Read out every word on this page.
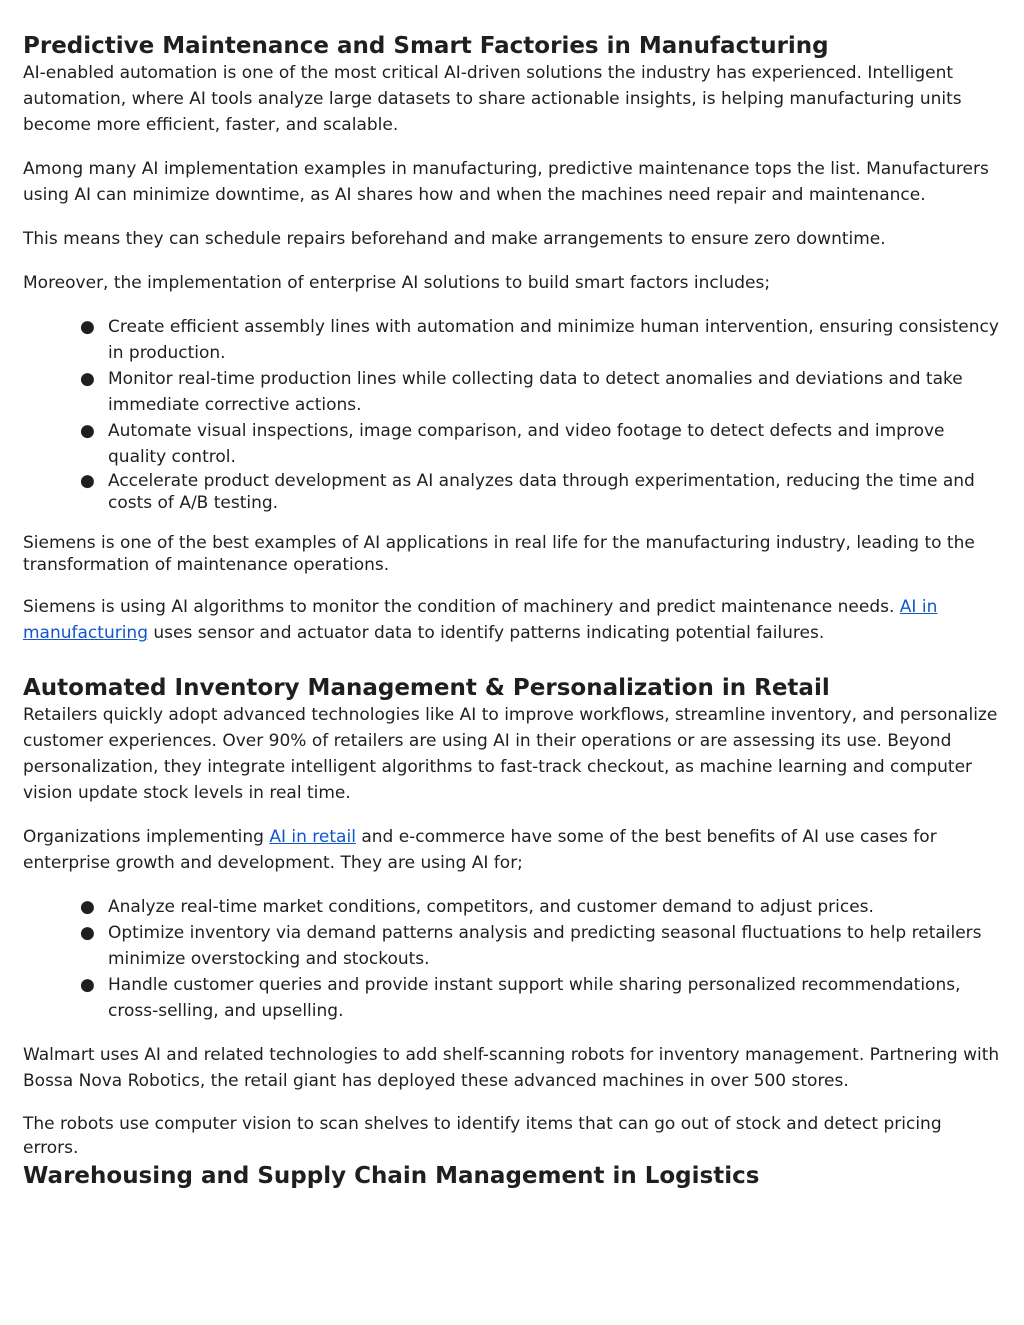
Predictive Maintenance and Smart Factories in Manufacturing

AI-enabled automation is one of the most critical AI-driven solutions the industry has experienced. Intelligent automation, where AI tools analyze large datasets to share actionable insights, is helping manufacturing units become more efficient, faster, and scalable.

Among many AI implementation examples in manufacturing, predictive maintenance tops the list. Manufacturers using AI can minimize downtime, as AI shares how and when the machines need repair and maintenance.

This means they can schedule repairs beforehand and make arrangements to ensure zero downtime.

Moreover, the implementation of enterprise AI solutions to build smart factors includes;

● Create efficient assembly lines with automation and minimize human intervention, ensuring consistency in production.
● Monitor real-time production lines while collecting data to detect anomalies and deviations and take immediate corrective actions.
● Automate visual inspections, image comparison, and video footage to detect defects and improve quality control.
● Accelerate product development as AI analyzes data through experimentation, reducing the time and costs of A/B testing.

Siemens is one of the best examples of AI applications in real life for the manufacturing industry, leading to the transformation of maintenance operations.

Siemens is using AI algorithms to monitor the condition of machinery and predict maintenance needs. AI in manufacturing uses sensor and actuator data to identify patterns indicating potential failures.

Automated Inventory Management & Personalization in Retail

Retailers quickly adopt advanced technologies like AI to improve workflows, streamline inventory, and personalize customer experiences. Over 90% of retailers are using AI in their operations or are assessing its use. Beyond personalization, they integrate intelligent algorithms to fast-track checkout, as machine learning and computer vision update stock levels in real time.

Organizations implementing AI in retail and e-commerce have some of the best benefits of AI use cases for enterprise growth and development. They are using AI for;

● Analyze real-time market conditions, competitors, and customer demand to adjust prices.
● Optimize inventory via demand patterns analysis and predicting seasonal fluctuations to help retailers minimize overstocking and stockouts.
● Handle customer queries and provide instant support while sharing personalized recommendations, cross-selling, and upselling.

Walmart uses AI and related technologies to add shelf-scanning robots for inventory management. Partnering with Bossa Nova Robotics, the retail giant has deployed these advanced machines in over 500 stores.

The robots use computer vision to scan shelves to identify items that can go out of stock and detect pricing errors.

Warehousing and Supply Chain Management in Logistics
